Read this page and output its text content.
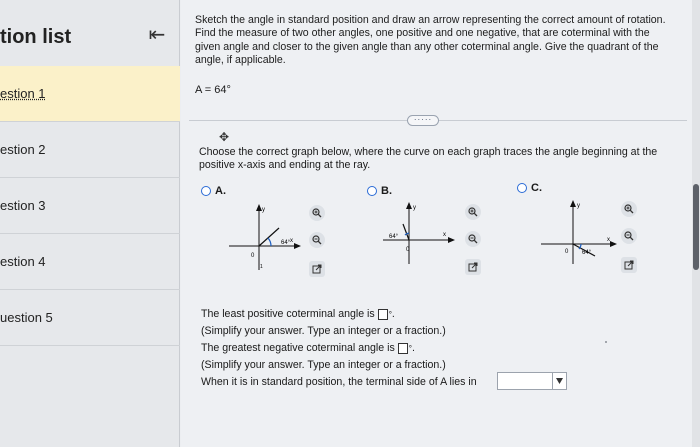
tion list	⇤
estion 1
estion 2
estion 3
estion 4
uestion 5
Sketch the angle in standard position and draw an arrow representing the correct amount of rotation. Find the measure of two other angles, one positive and one negative, that are coterminal with the given angle and closer to the given angle than any other coterminal angle. Give the quadrant of the angle, if applicable.
A = 64°
·····
✥
Choose the correct graph below, where the curve on each graph traces the angle beginning at the positive x-axis and ending at the ray.
A.	B.	C.
y
64° x
0
1
y
64°	x
0
y
64°
x
0
The least positive coterminal angle is ° .
(Simplify your answer. Type an integer or a fraction.)
The greatest negative coterminal angle is ° .
(Simplify your answer. Type an integer or a fraction.)
When it is in standard position, the terminal side of A lies in
